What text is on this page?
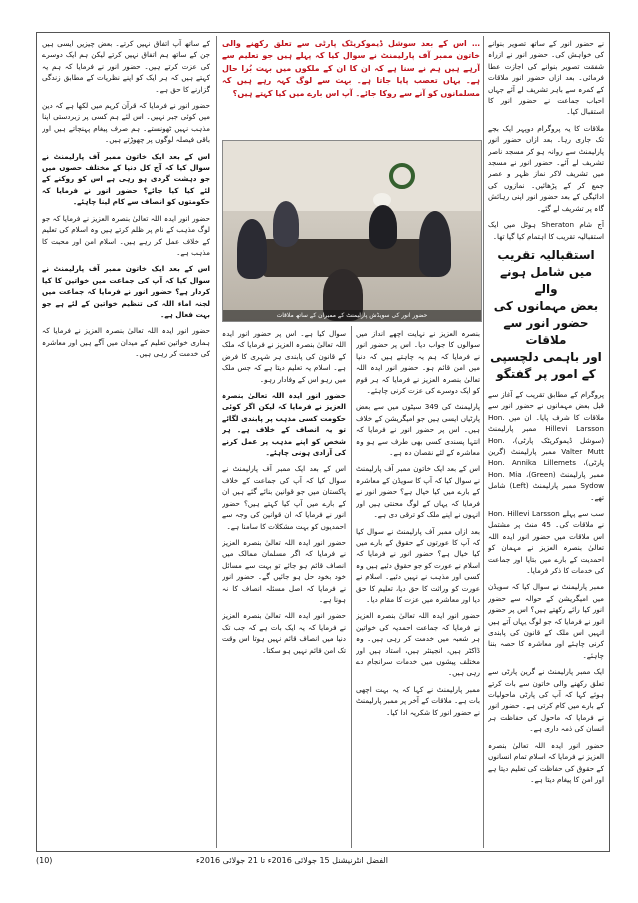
نے حضور انور کے ساتھ تصویر بنوانے کی خواہش کی۔ حضور انور نے ازراہ شفقت تصویر بنوانے کی اجازت عطا فرمائی۔ بعد ازاں حضور انور ملاقات کے کمرہ سے باہر تشریف لے آئے جہاں احباب جماعت نے حضور انور کا استقبال کیا۔

ملاقات کا یہ پروگرام دوپہر ایک بجے تک جاری رہا۔ بعد ازاں حضور انور پارلیمنٹ سے روانہ ہو کر مسجد ناصر تشریف لے آئے۔ حضور انور نے مسجد میں تشریف لاکر نماز ظہر و عصر جمع کر کے پڑھائیں۔ نمازوں کی ادائیگی کے بعد حضور انور اپنی رہائش گاہ پر تشریف لے گئے۔

آج شام Sheraton ہوٹل میں ایک استقبالیہ تقریب کا اہتمام کیا گیا تھا۔

استقبالیہ تقریب میں شامل ہونے والے
بعض مہمانوں کی حضور انور سے ملاقات
اور باہمی دلچسپی کے امور پر گفتگو

پروگرام کے مطابق تقریب کے آغاز سے قبل بعض مہمانوں نے حضور انور سے ملاقات کا شرف پایا۔ ان میں Hon. Hillevi Larsson ممبر پارلیمنٹ (سوشل ڈیموکریٹک پارٹی)، Hon. Valter Mutt ممبر پارلیمنٹ (گرین پارٹی)، Hon. Annika Lillemets ممبر پارلیمنٹ (Green)، Hon. Mia Sydow ممبر پارلیمنٹ (Left) شامل تھے۔

سب سے پہلے Hon. Hillevi Larsson نے ملاقات کی۔ 45 منٹ پر مشتمل اس ملاقات میں حضور انور ایدہ اللہ تعالیٰ بنصرہ العزیز نے مہمان کو احمدیت کے بارے میں بتایا اور جماعت کی خدمات کا ذکر فرمایا۔

ممبر پارلیمنٹ نے سوال کیا کہ سویڈن میں امیگریشن کے حوالہ سے حضور انور کیا رائے رکھتے ہیں؟ اس پر حضور انور نے فرمایا کہ جو لوگ یہاں آتے ہیں انہیں اس ملک کے قانون کی پابندی کرنی چاہئے اور معاشرہ کا حصہ بننا چاہئے۔

ایک ممبر پارلیمنٹ نے گرین پارٹی سے تعلق رکھنے والی خاتون سے بات کرتے ہوئے کہا کہ آپ کی پارٹی ماحولیات کے بارے میں کام کرتی ہے۔ حضور انور نے فرمایا کہ ماحول کی حفاظت ہر انسان کی ذمہ داری ہے۔

حضور انور ایدہ اللہ تعالیٰ بنصرہ العزیز نے فرمایا کہ اسلام تمام انسانوں کے حقوق کی حفاظت کی تعلیم دیتا ہے اور امن کا پیغام دیتا ہے۔

… اس کے بعد سوشل ڈیموکریٹک پارٹی سے تعلق رکھنے والی خاتون ممبر آف پارلیمنٹ نے سوال کیا کہ پہلے ہیں جو تعلیم سے آرہے ہیں ہم نے سنا ہے کہ ان کا ان کے ملکوں میں بہت بُرا حال ہے۔ یہاں تعصب پایا جاتا ہے۔ بہت سے لوگ کہہ رہے ہیں کہ مسلمانوں کو آنے سے روکا جائے۔ آپ اس بارے میں کیا کہتے ہیں؟
حضور انور کی سویڈش پارلیمنٹ کے ممبران کے ساتھ ملاقات

بنصرہ العزیز نے نہایت اچھے انداز میں سوالوں کا جواب دیا۔ اس پر حضور انور نے فرمایا کہ ہم یہ چاہتے ہیں کہ دنیا میں امن قائم ہو۔ حضور انور ایدہ اللہ تعالیٰ بنصرہ العزیز نے فرمایا کہ ہر قوم کو ایک دوسرے کی عزت کرنی چاہئے۔

پارلیمنٹ کی 349 سیٹوں میں سے بعض پارٹیاں ایسی ہیں جو امیگریشن کے خلاف ہیں۔ اس پر حضور انور نے فرمایا کہ انتہا پسندی کسی بھی طرف سے ہو وہ معاشرہ کے لئے نقصان دہ ہے۔

اس کے بعد ایک خاتون ممبر آف پارلیمنٹ نے سوال کیا کہ آپ کا سویڈن کے معاشرہ کے بارے میں کیا خیال ہے؟ حضور انور نے فرمایا کہ یہاں کے لوگ محنتی ہیں اور انہوں نے اپنے ملک کو ترقی دی ہے۔

بعد ازاں ممبر آف پارلیمنٹ نے سوال کیا کہ آپ کا عورتوں کے حقوق کے بارے میں کیا خیال ہے؟ حضور انور نے فرمایا کہ اسلام نے عورت کو جو حقوق دئیے ہیں وہ کسی اور مذہب نے نہیں دئیے۔ اسلام نے عورت کو وراثت کا حق دیا، تعلیم کا حق دیا اور معاشرہ میں عزت کا مقام دیا۔

حضور انور ایدہ اللہ تعالیٰ بنصرہ العزیز نے فرمایا کہ جماعت احمدیہ کی خواتین ہر شعبہ میں خدمت کر رہی ہیں۔ وہ ڈاکٹر ہیں، انجینئر ہیں، استاد ہیں اور مختلف پیشوں میں خدمات سرانجام دے رہی ہیں۔

ممبر پارلیمنٹ نے کہا کہ یہ بہت اچھی بات ہے۔ ملاقات کے آخر پر ممبر پارلیمنٹ نے حضور انور کا شکریہ ادا کیا۔

سوال کیا ہے۔ اس پر حضور انور ایدہ اللہ تعالیٰ بنصرہ العزیز نے فرمایا کہ ملک کے قانون کی پابندی ہر شہری کا فرض ہے۔ اسلام یہ تعلیم دیتا ہے کہ جس ملک میں رہو اس کے وفادار رہو۔

حضور انور ایدہ اللہ تعالیٰ بنصرہ العزیز نے فرمایا کہ لیکن اگر کوئی حکومت کسی مذہب پر پابندی لگائے تو یہ انصاف کے خلاف ہے۔ ہر شخص کو اپنے مذہب پر عمل کرنے کی آزادی ہونی چاہئے۔

اس کے بعد ایک ممبر آف پارلیمنٹ نے سوال کیا کہ آپ کی جماعت کے خلاف پاکستان میں جو قوانین بنائے گئے ہیں ان کے بارے میں آپ کیا کہتے ہیں؟ حضور انور نے فرمایا کہ ان قوانین کی وجہ سے احمدیوں کو بہت مشکلات کا سامنا ہے۔

حضور انور ایدہ اللہ تعالیٰ بنصرہ العزیز نے فرمایا کہ اگر مسلمان ممالک میں انصاف قائم ہو جائے تو بہت سے مسائل خود بخود حل ہو جائیں گے۔ حضور انور نے فرمایا کہ اصل مسئلہ انصاف کا نہ ہونا ہے۔

حضور انور ایدہ اللہ تعالیٰ بنصرہ العزیز نے فرمایا کہ یہ ایک بات ہے کہ جب تک دنیا میں انصاف قائم نہیں ہوتا اس وقت تک امن قائم نہیں ہو سکتا۔

کے ساتھ آپ اتفاق نہیں کرتے۔ بعض چیزیں ایسی ہیں جن کے ساتھ ہم اتفاق نہیں کرتے لیکن ہم ایک دوسرے کی عزت کرتے ہیں۔ حضور انور نے فرمایا کہ ہم یہ کہتے ہیں کہ ہر ایک کو اپنے نظریات کے مطابق زندگی گزارنے کا حق ہے۔

حضور انور نے فرمایا کہ قرآن کریم میں لکھا ہے کہ دین میں کوئی جبر نہیں۔ اس لئے ہم کسی پر زبردستی اپنا مذہب نہیں ٹھونستے۔ ہم صرف پیغام پہنچاتے ہیں اور باقی فیصلہ لوگوں پر چھوڑتے ہیں۔

اس کے بعد ایک خاتون ممبر آف پارلیمنٹ نے سوال کیا کہ آج کل دنیا کے مختلف حصوں میں جو دہشت گردی ہو رہی ہے اس کو روکنے کے لئے کیا کیا جائے؟ حضور انور نے فرمایا کہ حکومتوں کو انصاف سے کام لینا چاہئے۔

حضور انور ایدہ اللہ تعالیٰ بنصرہ العزیز نے فرمایا کہ جو لوگ مذہب کے نام پر ظلم کرتے ہیں وہ اسلام کی تعلیم کے خلاف عمل کر رہے ہیں۔ اسلام امن اور محبت کا مذہب ہے۔

اس کے بعد ایک خاتون ممبر آف پارلیمنٹ نے سوال کیا کہ آپ کی جماعت میں خواتین کا کیا کردار ہے؟ حضور انور نے فرمایا کہ جماعت میں لجنہ اماء اللہ کی تنظیم خواتین کے لئے ہے جو بہت فعال ہے۔

حضور انور ایدہ اللہ تعالیٰ بنصرہ العزیز نے فرمایا کہ ہماری خواتین تعلیم کے میدان میں آگے ہیں اور معاشرہ کی خدمت کر رہی ہیں۔

(10)	الفضل انٹرنیشنل 15 جولائی 2016ء تا 21 جولائی 2016ء
